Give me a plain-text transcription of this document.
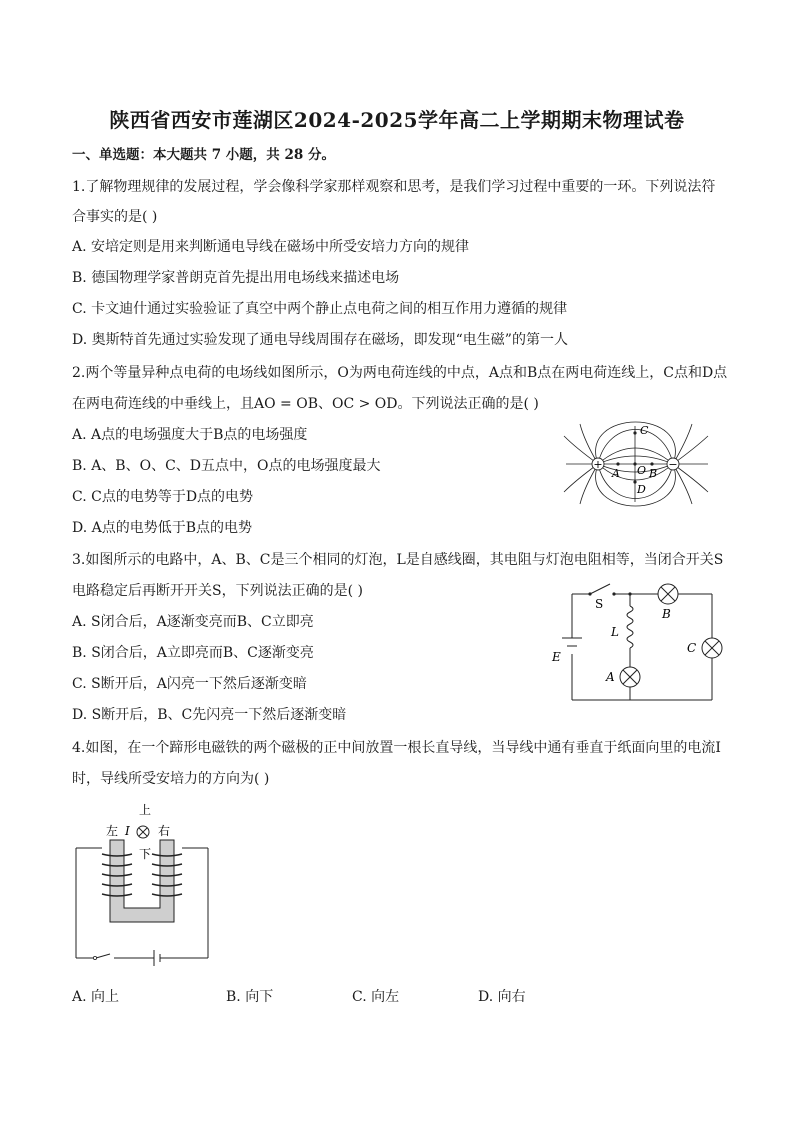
陕西省西安市莲湖区2024-2025学年高二上学期期末物理试卷
一、单选题：本大题共 7 小题，共 28 分。
1.了解物理规律的发展过程，学会像科学家那样观察和思考，是我们学习过程中重要的一环。下列说法符
合事实的是( )
A. 安培定则是用来判断通电导线在磁场中所受安培力方向的规律
B. 德国物理学家普朗克首先提出用电场线来描述电场
C. 卡文迪什通过实验验证了真空中两个静止点电荷之间的相互作用力遵循的规律
D. 奥斯特首先通过实验发现了通电导线周围存在磁场，即发现“电生磁”的第一人
2.两个等量异种点电荷的电场线如图所示，O为两电荷连线的中点，A点和B点在两电荷连线上，C点和D点
在两电荷连线的中垂线上，且AO = OB、OC > OD。下列说法正确的是( )
A. A点的电场强度大于B点的电场强度
B. A、B、O、C、D五点中，O点的电场强度最大
C. C点的电势等于D点的电势
D. A点的电势低于B点的电势
+	−
C
D
O
A	B
3.如图所示的电路中，A、B、C是三个相同的灯泡，L是自感线圈，其电阻与灯泡电阻相等，当闭合开关S
电路稳定后再断开开关S，下列说法正确的是( )
A. S闭合后，A逐渐变亮而B、C立即亮
B. S闭合后，A立即亮而B、C逐渐变亮
C. S断开后，A闪亮一下然后逐渐变暗
D. S断开后，B、C先闪亮一下然后逐渐变暗
S
B
L
C
E
A
4.如图，在一个蹄形电磁铁的两个磁极的正中间放置一根长直导线，当导线中通有垂直于纸面向里的电流I
时，导线所受安培力的方向为( )
上
左 I 右
下
A. 向上	B. 向下	C. 向左	D. 向右
